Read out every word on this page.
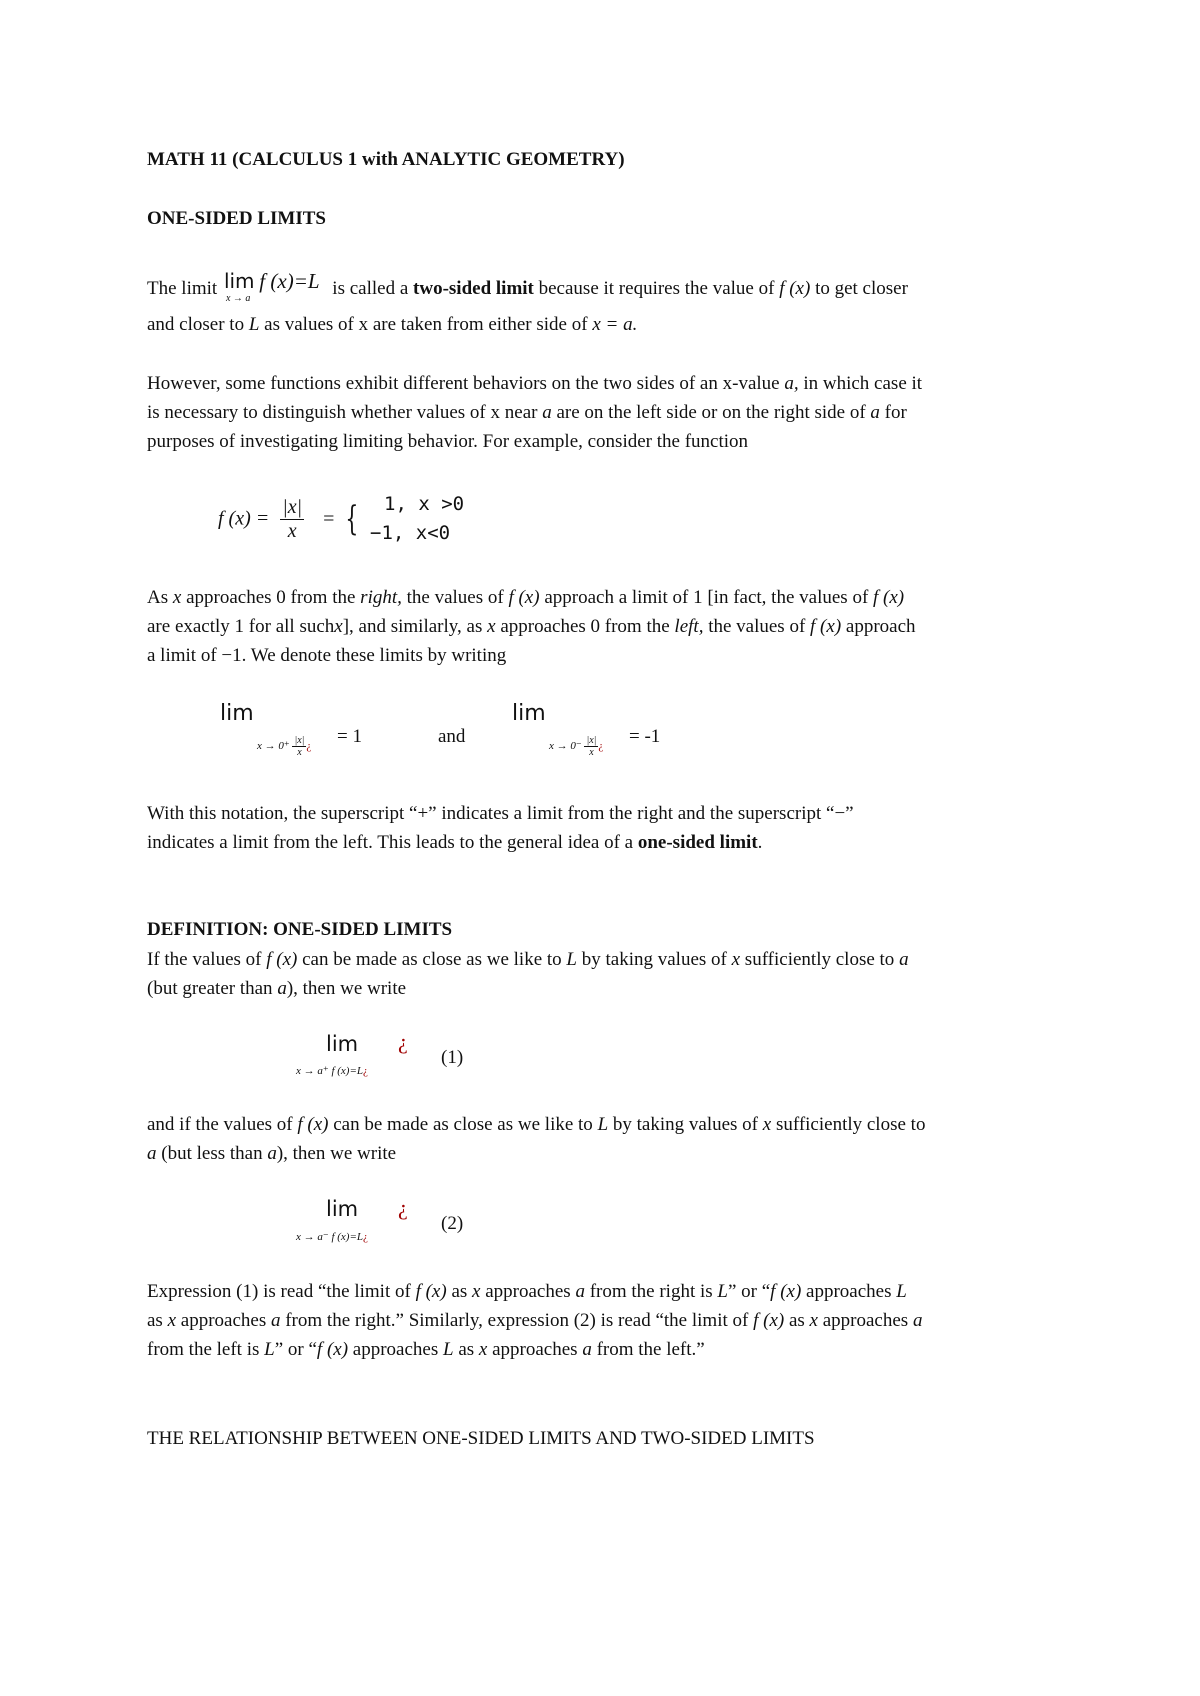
MATH 11 (CALCULUS 1 with ANALYTIC GEOMETRY)
ONE-SIDED LIMITS
The limit lim
x → a
f (x)=L is called a two-sided limit because it requires the value of f (x) to get closer
and closer to L as values of x are taken from either side of x = a.
However, some functions exhibit different behaviors on the two sides of an x-value a, in which case it
is necessary to distinguish whether values of x near a are on the left side or on the right side of a for
purposes of investigating limiting behavior. For example, consider the function
f $(x) = \frac{|x|}{x}$ = {	1, x >0
−1, x<0
As x approaches 0 from the right, the values of f (x) approach a limit of 1 [in fact, the values of f (x)
are exactly 1 for all suchx], and similarly, as x approaches 0 from the left, the values of f (x) approach
a limit of −1. We denote these limits by writing
lim
$x \to 0^+ \frac{|x|}{x}$ ¿ = 1	and
lim
$x \to 0^- \frac{|x|}{x}$ ¿ = -1
With this notation, the superscript “+” indicates a limit from the right and the superscript “−”
indicates a limit from the left. This leads to the general idea of a one-sided limit.
DEFINITION: ONE-SIDED LIMITS
If the values of f (x) can be made as close as we like to L by taking values of x sufficiently close to a
(but greater than a), then we write
lim
x → a⁺ f (x)=L¿
¿
(1)
and if the values of f (x) can be made as close as we like to L by taking values of x sufficiently close to
a (but less than a), then we write
lim
x → a⁻ f (x)=L¿
¿
(2)
Expression (1) is read “the limit of f (x) as x approaches a from the right is L” or “f (x) approaches L
as x approaches a from the right.” Similarly, expression (2) is read “the limit of f (x) as x approaches a
from the left is L” or “f (x) approaches L as x approaches a from the left.”
THE RELATIONSHIP BETWEEN ONE-SIDED LIMITS AND TWO-SIDED LIMITS
